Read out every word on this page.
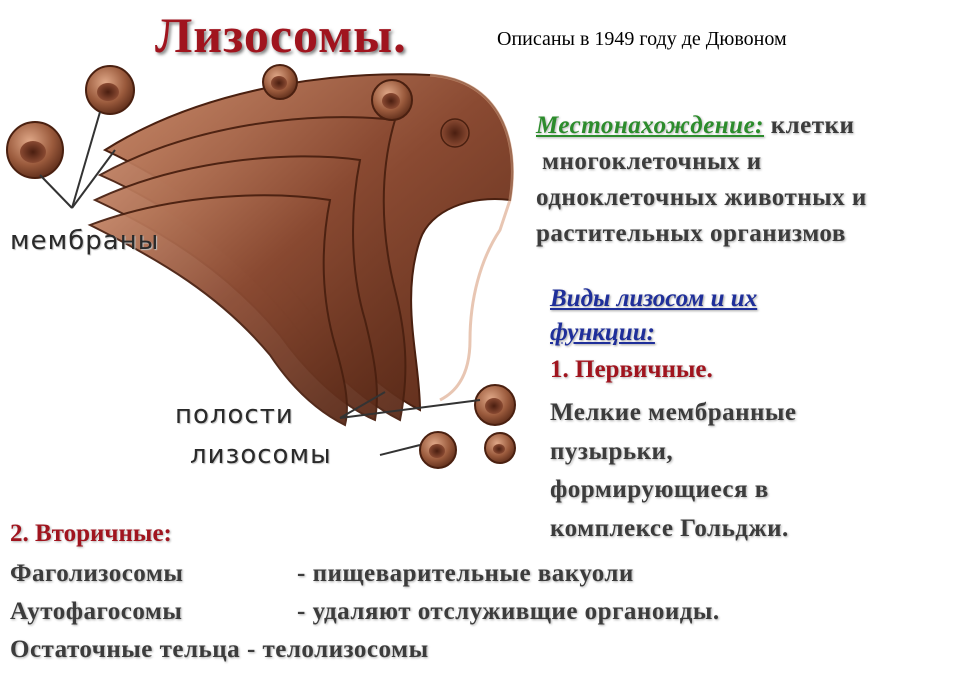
Лизосомы.	Описаны в 1949 году де Дювоном
мембраны
полости
лизосомы
Местонахождение: клетки
многоклеточных и
одноклеточных животных и
растительных организмов
Виды лизосом и их
функции:
1. Первичные.
Мелкие мембранные
пузырьки,
формирующиеся в
комплексе Гольджи.
2. Вторичные:
Фаголизосомы	- пищеварительные вакуоли
Аутофагосомы	- удаляют отслуживщие органоиды.
Остаточные тельца - телолизосомы
